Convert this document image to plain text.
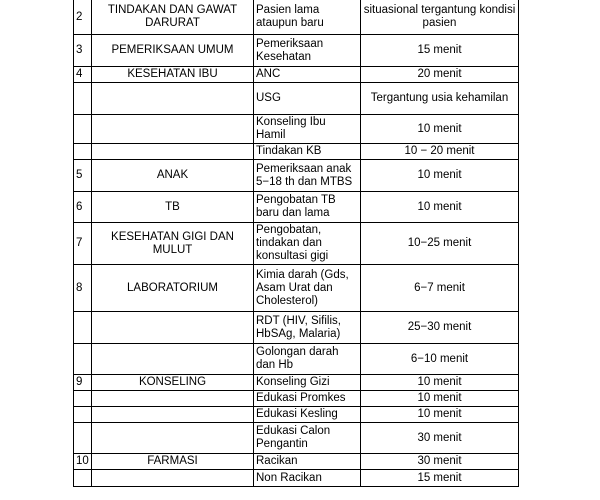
2	TINDAKAN DAN GAWAT DARURAT	Pasien lama ataupun baru	situasional tergantung kondisi pasien
3	PEMERIKSAAN UMUM	Pemeriksaan Kesehatan	15 menit
4	KESEHATAN IBU	ANC	20 menit
		USG	Tergantung usia kehamilan
		Konseling Ibu Hamil	10 menit
		Tindakan KB	10 − 20 menit
5	ANAK	Pemeriksaan anak 5−18 th dan MTBS	10 menit
6	TB	Pengobatan TB baru dan lama	10 menit
7	KESEHATAN GIGI DAN MULUT	Pengobatan, tindakan dan konsultasi gigi	10−25 menit
8	LABORATORIUM	Kimia darah (Gds, Asam Urat dan Cholesterol)	6−7 menit
		RDT (HIV, Sifilis, HbSAg, Malaria)	25−30 menit
		Golongan darah dan Hb	6−10 menit
9	KONSELING	Konseling Gizi	10 menit
		Edukasi Promkes	10 menit
		Edukasi Kesling	10 menit
		Edukasi Calon Pengantin	30 menit
10	FARMASI	Racikan	30 menit
		Non Racikan	15 menit
